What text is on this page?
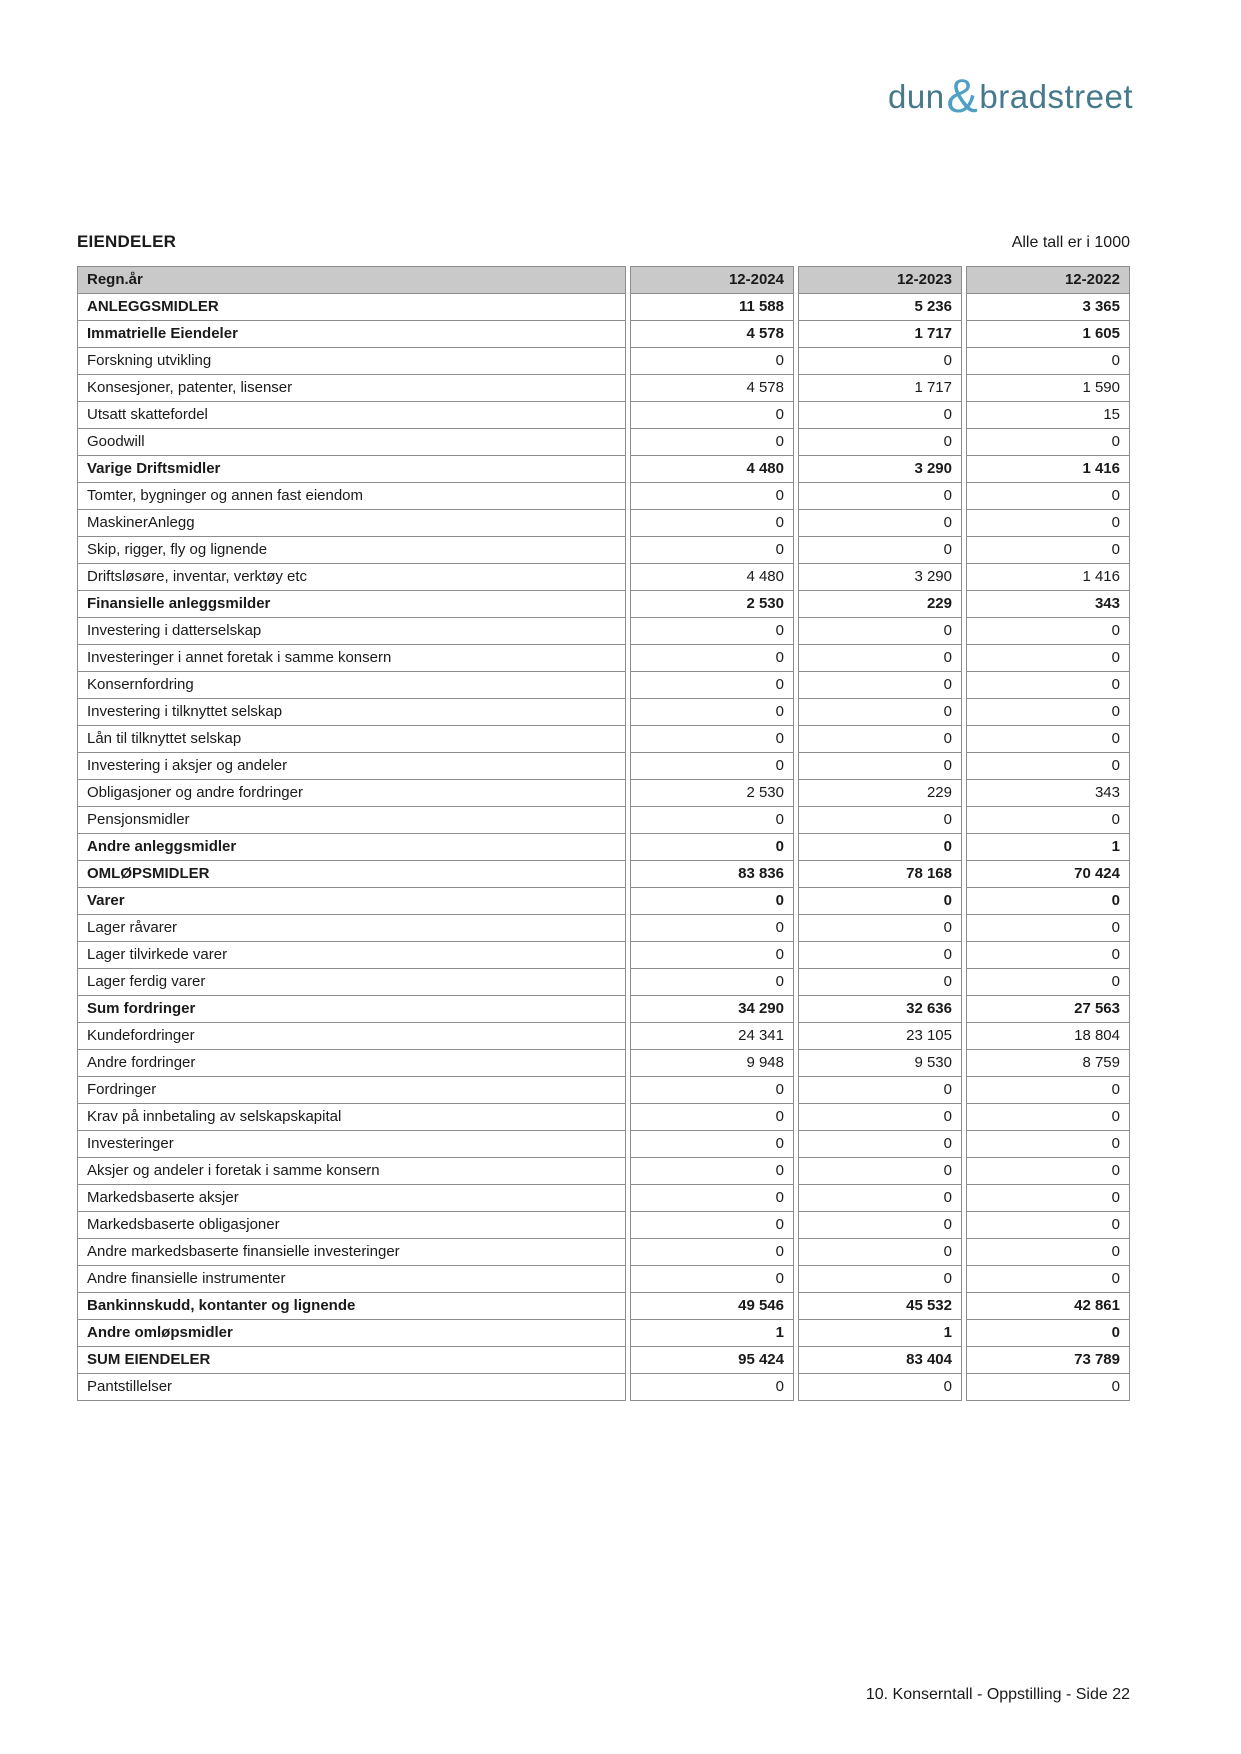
dun&bradstreet
EIENDELER	Alle tall er i 1000
Regn.år	12-2024	12-2023	12-2022
ANLEGGSMIDLER	11 588	5 236	3 365
Immatrielle Eiendeler	4 578	1 717	1 605
Forskning utvikling	0	0	0
Konsesjoner, patenter, lisenser	4 578	1 717	1 590
Utsatt skattefordel	0	0	15
Goodwill	0	0	0
Varige Driftsmidler	4 480	3 290	1 416
Tomter, bygninger og annen fast eiendom	0	0	0
MaskinerAnlegg	0	0	0
Skip, rigger, fly og lignende	0	0	0
Driftsløsøre, inventar, verktøy etc	4 480	3 290	1 416
Finansielle anleggsmilder	2 530	229	343
Investering i datterselskap	0	0	0
Investeringer i annet foretak i samme konsern	0	0	0
Konsernfordring	0	0	0
Investering i tilknyttet selskap	0	0	0
Lån til tilknyttet selskap	0	0	0
Investering i aksjer og andeler	0	0	0
Obligasjoner og andre fordringer	2 530	229	343
Pensjonsmidler	0	0	0
Andre anleggsmidler	0	0	1
OMLØPSMIDLER	83 836	78 168	70 424
Varer	0	0	0
Lager råvarer	0	0	0
Lager tilvirkede varer	0	0	0
Lager ferdig varer	0	0	0
Sum fordringer	34 290	32 636	27 563
Kundefordringer	24 341	23 105	18 804
Andre fordringer	9 948	9 530	8 759
Fordringer	0	0	0
Krav på innbetaling av selskapskapital	0	0	0
Investeringer	0	0	0
Aksjer og andeler i foretak i samme konsern	0	0	0
Markedsbaserte aksjer	0	0	0
Markedsbaserte obligasjoner	0	0	0
Andre markedsbaserte finansielle investeringer	0	0	0
Andre finansielle instrumenter	0	0	0
Bankinnskudd, kontanter og lignende	49 546	45 532	42 861
Andre omløpsmidler	1	1	0
SUM EIENDELER	95 424	83 404	73 789
Pantstillelser	0	0	0
10. Konserntall - Oppstilling - Side 22
